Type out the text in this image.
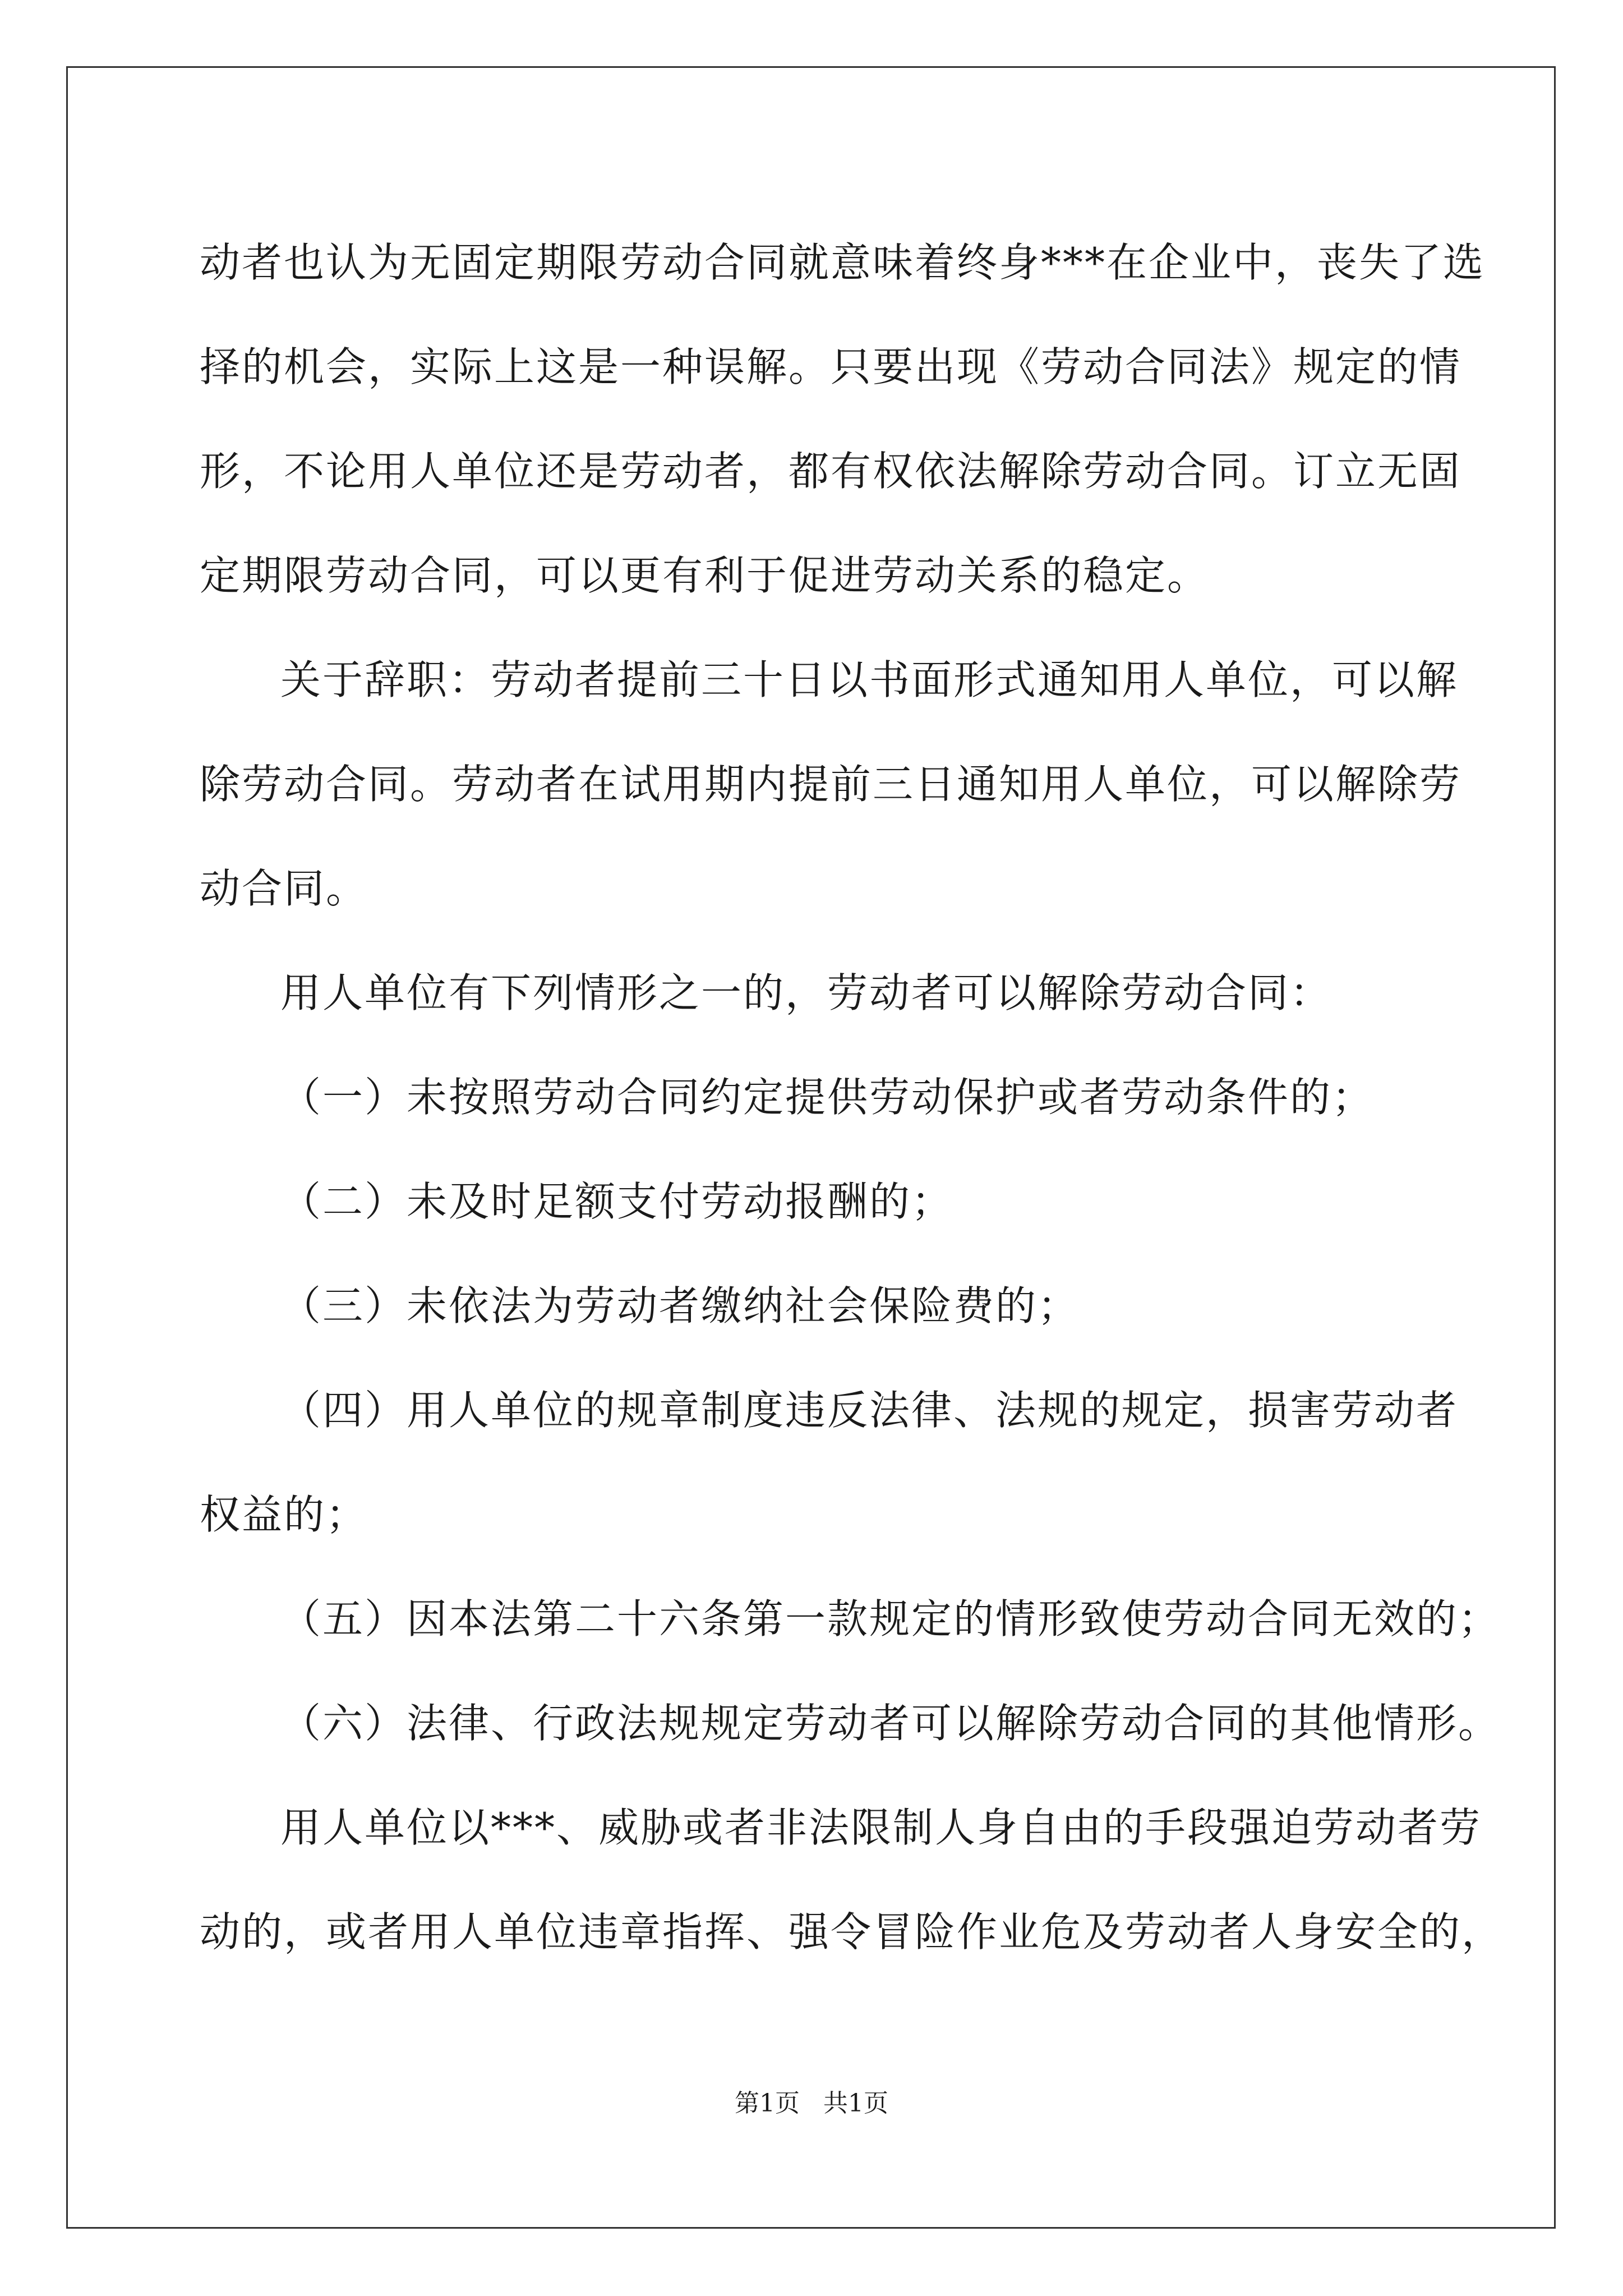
动者也认为无固定期限劳动合同就意味着终身***在企业中，丧失了选

择的机会，实际上这是一种误解。只要出现《劳动合同法》规定的情

形，不论用人单位还是劳动者，都有权依法解除劳动合同。订立无固

定期限劳动合同，可以更有利于促进劳动关系的稳定。

关于辞职：劳动者提前三十日以书面形式通知用人单位，可以解

除劳动合同。劳动者在试用期内提前三日通知用人单位，可以解除劳

动合同。

用人单位有下列情形之一的，劳动者可以解除劳动合同：

（一）未按照劳动合同约定提供劳动保护或者劳动条件的；

（二）未及时足额支付劳动报酬的；

（三）未依法为劳动者缴纳社会保险费的；

（四）用人单位的规章制度违反法律、法规的规定，损害劳动者

权益的；

（五）因本法第二十六条第一款规定的情形致使劳动合同无效的；

（六）法律、行政法规规定劳动者可以解除劳动合同的其他情形。

用人单位以***、威胁或者非法限制人身自由的手段强迫劳动者劳

动的，或者用人单位违章指挥、强令冒险作业危及劳动者人身安全的，

第1页   共1页
